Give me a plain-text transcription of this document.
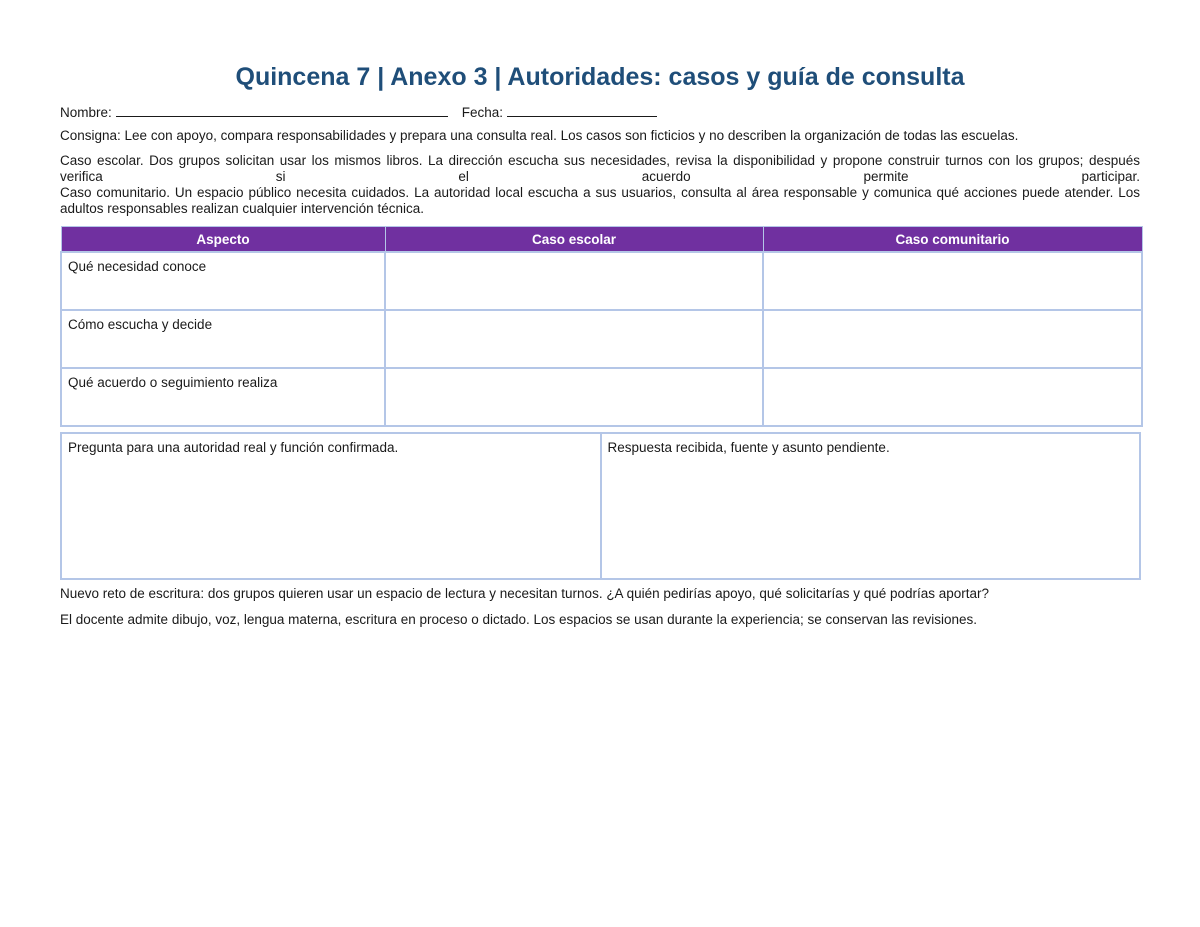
Quincena 7 | Anexo 3 | Autoridades: casos y guía de consulta
Nombre:	Fecha:
Consigna: Lee con apoyo, compara responsabilidades y prepara una consulta real. Los casos son ficticios y no describen la organización de todas las escuelas.

Caso escolar. Dos grupos solicitan usar los mismos libros. La dirección escucha sus necesidades, revisa la disponibilidad y propone construir turnos con los grupos; después verifica si el acuerdo permite participar.

Caso comunitario. Un espacio público necesita cuidados. La autoridad local escucha a sus usuarios, consulta al área responsable y comunica qué acciones puede atender. Los adultos responsables realizan cualquier intervención técnica.

Aspecto	Caso escolar	Caso comunitario
Qué necesidad conoce		
Cómo escucha y decide		
Qué acuerdo o seguimiento realiza		
Pregunta para una autoridad real y función confirmada.	Respuesta recibida, fuente y asunto pendiente.
Nuevo reto de escritura: dos grupos quieren usar un espacio de lectura y necesitan turnos. ¿A quién pedirías apoyo, qué solicitarías y qué podrías aportar?
El docente admite dibujo, voz, lengua materna, escritura en proceso o dictado. Los espacios se usan durante la experiencia; se conservan las revisiones.
